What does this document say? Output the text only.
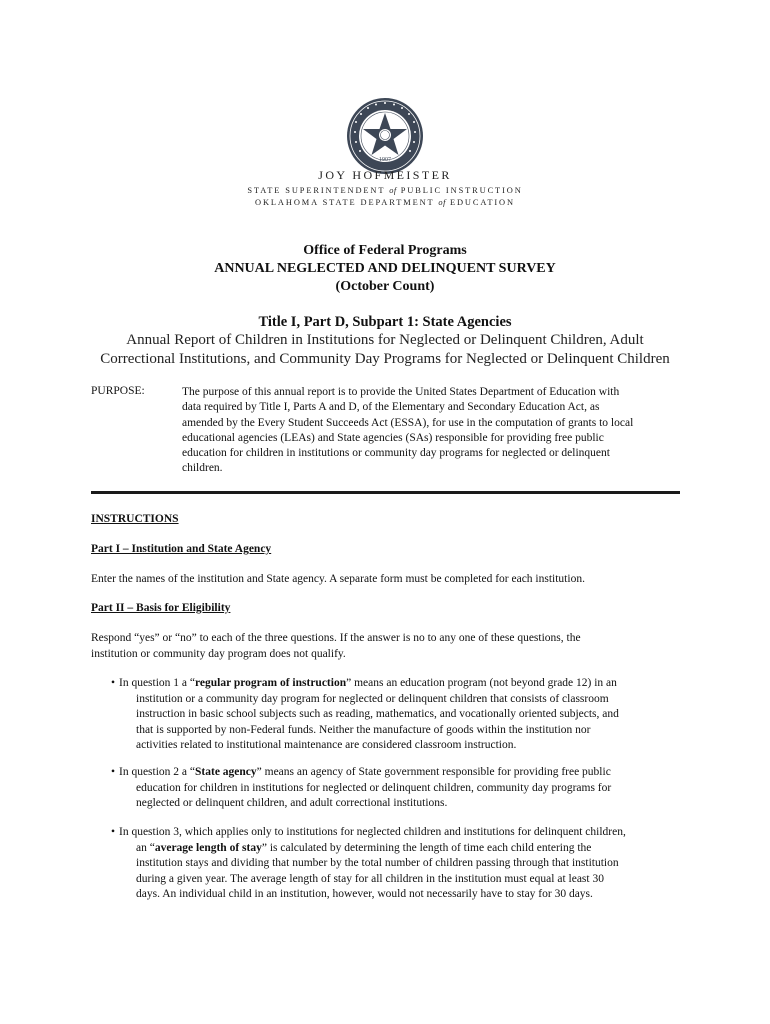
1907
JOY HOFMEISTER
STATE SUPERINTENDENT of PUBLIC INSTRUCTION
OKLAHOMA STATE DEPARTMENT of EDUCATION
Office of Federal Programs
ANNUAL NEGLECTED AND DELINQUENT SURVEY
(October Count)
Title I, Part D, Subpart 1: State Agencies
Annual Report of Children in Institutions for Neglected or Delinquent Children, Adult
Correctional Institutions, and Community Day Programs for Neglected or Delinquent Children
PURPOSE:	The purpose of this annual report is to provide the United States Department of Education with
data required by Title I, Parts A and D, of the Elementary and Secondary Education Act, as
amended by the Every Student Succeeds Act (ESSA), for use in the computation of grants to local
educational agencies (LEAs) and State agencies (SAs) responsible for providing free public
education for children in institutions or community day programs for neglected or delinquent
children.
INSTRUCTIONS
Part I – Institution and State Agency
Enter the names of the institution and State agency. A separate form must be completed for each institution.
Part II – Basis for Eligibility
Respond “yes” or “no” to each of the three questions. If the answer is no to any one of these questions, the
institution or community day program does not qualify.
• In question 1 a “regular program of instruction” means an education program (not beyond grade 12) in an
institution or a community day program for neglected or delinquent children that consists of classroom
instruction in basic school subjects such as reading, mathematics, and vocationally oriented subjects, and
that is supported by non-Federal funds. Neither the manufacture of goods within the institution nor
activities related to institutional maintenance are considered classroom instruction.
• In question 2 a “State agency” means an agency of State government responsible for providing free public
education for children in institutions for neglected or delinquent children, community day programs for
neglected or delinquent children, and adult correctional institutions.
• In question 3, which applies only to institutions for neglected children and institutions for delinquent children,
an “average length of stay” is calculated by determining the length of time each child entering the
institution stays and dividing that number by the total number of children passing through that institution
during a given year. The average length of stay for all children in the institution must equal at least 30
days. An individual child in an institution, however, would not necessarily have to stay for 30 days.
